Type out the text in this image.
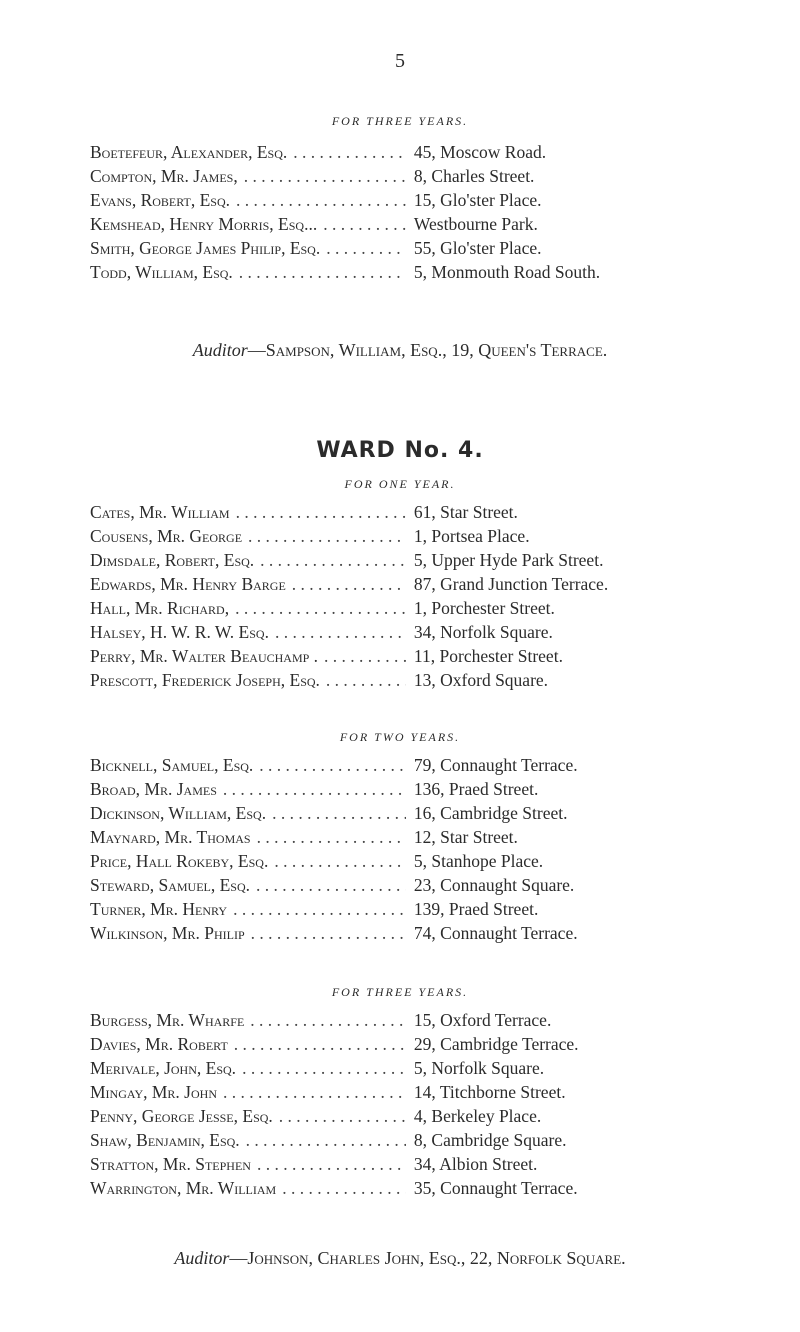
5
FOR THREE YEARS.
Boetefeur, Alexander, Esq. . . .	45, Moscow Road.
Compton, Mr. James, . . .	8, Charles Street.
Evans, Robert, Esq. . . .	15, Glo'ster Place.
Kemshead, Henry Morris, Esq... . . .	Westbourne Park.
Smith, George James Philip, Esq. . . .	55, Glo'ster Place.
Todd, William, Esq. . . .	5, Monmouth Road South.
Auditor—Sampson, William, Esq., 19, Queen's Terrace.
WARD No. 4.
FOR ONE YEAR.
Cates, Mr. William . . .	61, Star Street.
Cousens, Mr. George . . .	1, Portsea Place.
Dimsdale, Robert, Esq. . . .	5, Upper Hyde Park Street.
Edwards, Mr. Henry Barge . . .	87, Grand Junction Terrace.
Hall, Mr. Richard, . . .	1, Porchester Street.
Halsey, H. W. R. W. Esq. . . .	34, Norfolk Square.
Perry, Mr. Walter Beauchamp . . . .	11, Porchester Street.
Prescott, Frederick Joseph, Esq. . . .	13, Oxford Square.
FOR TWO YEARS.
Bicknell, Samuel, Esq. . . .	79, Connaught Terrace.
Broad, Mr. James . . .	136, Praed Street.
Dickinson, William, Esq. . . .	16, Cambridge Street.
Maynard, Mr. Thomas . . .	12, Star Street.
Price, Hall Rokeby, Esq. . . .	5, Stanhope Place.
Steward, Samuel, Esq. . . .	23, Connaught Square.
Turner, Mr. Henry . . .	139, Praed Street.
Wilkinson, Mr. Philip . . .	74, Connaught Terrace.
FOR THREE YEARS.
Burgess, Mr. Wharfe . . .	15, Oxford Terrace.
Davies, Mr. Robert . . .	29, Cambridge Terrace.
Merivale, John, Esq. . . .	5, Norfolk Square.
Mingay, Mr. John . . .	14, Titchborne Street.
Penny, George Jesse, Esq. . . .	4, Berkeley Place.
Shaw, Benjamin, Esq. . . .	8, Cambridge Square.
Stratton, Mr. Stephen . . .	34, Albion Street.
Warrington, Mr. William . . .	35, Connaught Terrace.
Auditor—Johnson, Charles John, Esq., 22, Norfolk Square.
